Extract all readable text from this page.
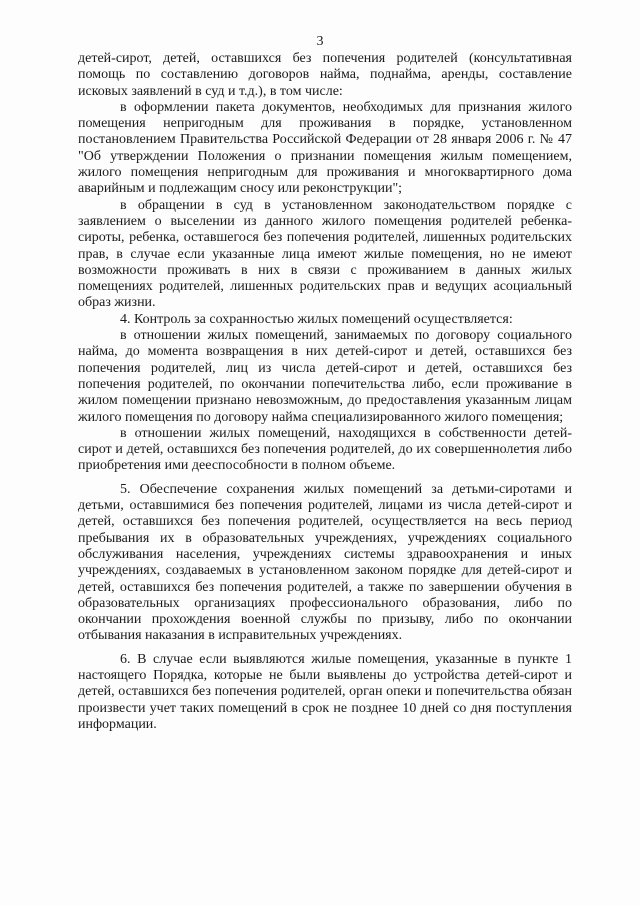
3

детей-сирот, детей, оставшихся без попечения родителей (консультативная помощь по составлению договоров найма, поднайма, аренды, составление исковых заявлений в суд и т.д.), в том числе:

в оформлении пакета документов, необходимых для признания жилого помещения непригодным для проживания в порядке, установленном постановлением Правительства Российской Федерации от 28 января 2006 г. № 47 "Об утверждении Положения о признании помещения жилым помещением, жилого помещения непригодным для проживания и многоквартирного дома аварийным и подлежащим сносу или реконструкции";

в обращении в суд в установленном законодательством порядке с заявлением о выселении из данного жилого помещения родителей ребенка-сироты, ребенка, оставшегося без попечения родителей, лишенных родительских прав, в случае если указанные лица имеют жилые помещения, но не имеют возможности проживать в них в связи с проживанием в данных жилых помещениях родителей, лишенных родительских прав и ведущих асоциальный образ жизни.

4. Контроль за сохранностью жилых помещений осуществляется:

в отношении жилых помещений, занимаемых по договору социального найма, до момента возвращения в них детей-сирот и детей, оставшихся без попечения родителей, лиц из числа детей-сирот и детей, оставшихся без попечения родителей, по окончании попечительства либо, если проживание в жилом помещении признано невозможным, до предоставления указанным лицам жилого помещения по договору найма специализированного жилого помещения;

в отношении жилых помещений, находящихся в собственности детей-сирот и детей, оставшихся без попечения родителей, до их совершеннолетия либо приобретения ими дееспособности в полном объеме.

5. Обеспечение сохранения жилых помещений за детьми-сиротами и детьми, оставшимися без попечения родителей, лицами из числа детей-сирот и детей, оставшихся без попечения родителей, осуществляется на весь период пребывания их в образовательных учреждениях, учреждениях социального обслуживания населения, учреждениях системы здравоохранения и иных учреждениях, создаваемых в установленном законом порядке для детей-сирот и детей, оставшихся без попечения родителей, а также по завершении обучения в образовательных организациях профессионального образования, либо по окончании прохождения военной службы по призыву, либо по окончании отбывания наказания в исправительных учреждениях.

6. В случае если выявляются жилые помещения, указанные в пункте 1 настоящего Порядка, которые не были выявлены до устройства детей-сирот и детей, оставшихся без попечения родителей, орган опеки и попечительства обязан произвести учет таких помещений в срок не позднее 10 дней со дня поступления информации.
